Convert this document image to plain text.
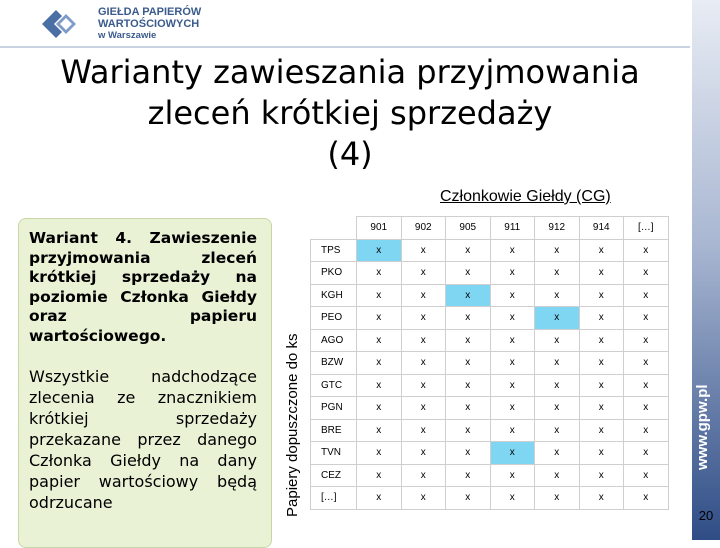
GIEŁDA PAPIERÓW
WARTOŚCIOWYCH
w Warszawie
www.gpw.pl
20
Warianty zawieszania przyjmowania
zleceń krótkiej sprzedaży
(4)
Członkowie Giełdy (CG)
Wariant 4. Zawieszenie przyjmowania zleceń krótkiej sprzedaży na poziomie Członka Giełdy oraz papieru wartościowego.
Wszystkie nadchodzące zlecenia ze znacznikiem krótkiej sprzedaży przekazane przez danego Członka Giełdy na dany papier wartościowy będą odrzucane	Papiery dopuszczone do ks
	901	902	905	911	912	914	[…]
TPS	x	x	x	x	x	x	x
PKO	x	x	x	x	x	x	x
KGH	x	x	x	x	x	x	x
PEO	x	x	x	x	x	x	x
AGO	x	x	x	x	x	x	x
BZW	x	x	x	x	x	x	x
GTC	x	x	x	x	x	x	x
PGN	x	x	x	x	x	x	x
BRE	x	x	x	x	x	x	x
TVN	x	x	x	x	x	x	x
CEZ	x	x	x	x	x	x	x
[…]	x	x	x	x	x	x	x
